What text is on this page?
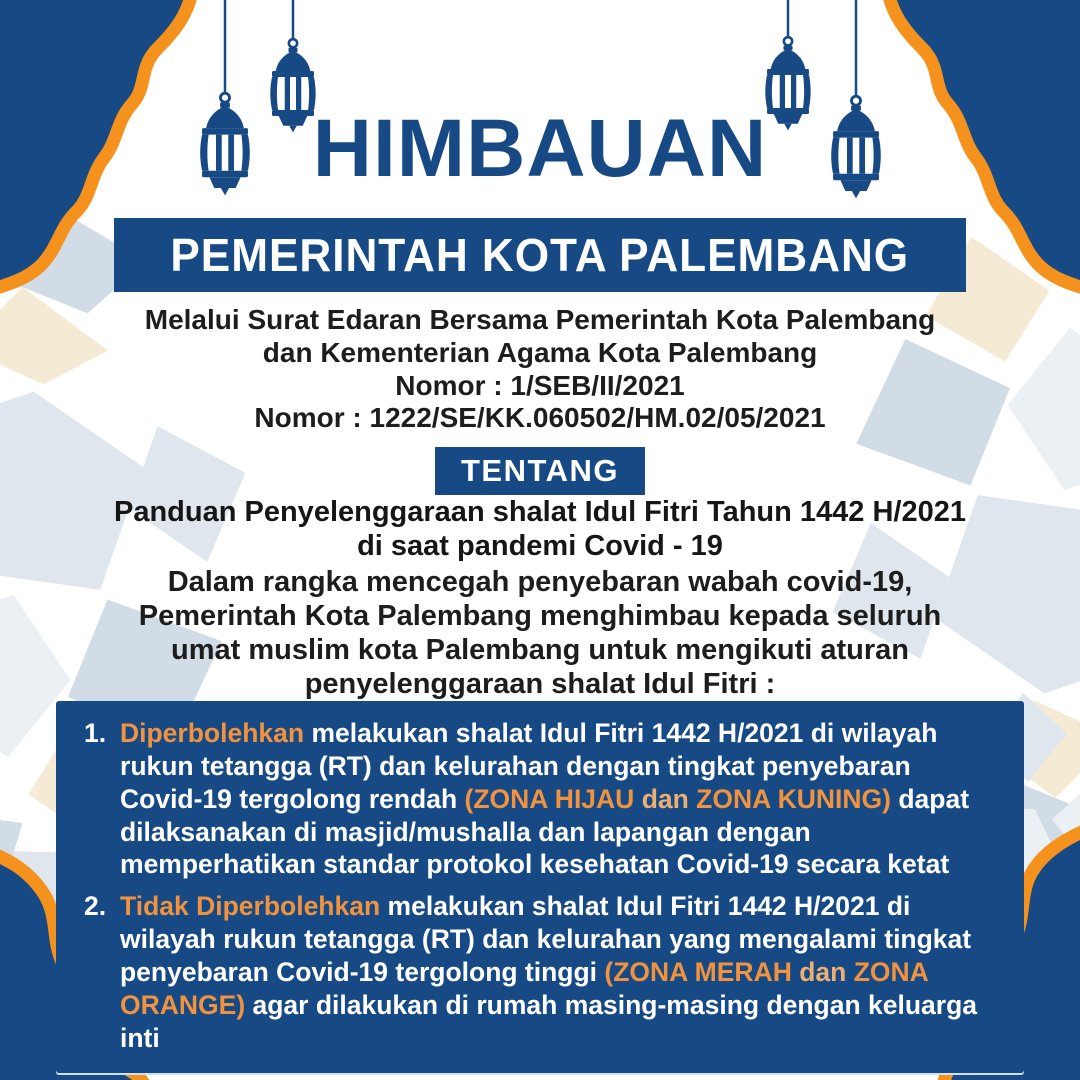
HIMBAUAN
PEMERINTAH KOTA PALEMBANG
Melalui Surat Edaran Bersama Pemerintah Kota Palembang
dan Kementerian Agama Kota Palembang
Nomor : 1/SEB/II/2021
Nomor : 1222/SE/KK.060502/HM.02/05/2021
TENTANG
Panduan Penyelenggaraan shalat Idul Fitri Tahun 1442 H/2021
di saat pandemi Covid - 19
Dalam rangka mencegah penyebaran wabah covid-19, Pemerintah Kota Palembang menghimbau kepada seluruh umat muslim kota Palembang untuk mengikuti aturan penyelenggaraan shalat Idul Fitri :
1. Diperbolehkan melakukan shalat Idul Fitri 1442 H/2021 di wilayah rukun tetangga (RT) dan kelurahan dengan tingkat penyebaran Covid-19 tergolong rendah (ZONA HIJAU dan ZONA KUNING) dapat dilaksanakan di masjid/mushalla dan lapangan dengan memperhatikan standar protokol kesehatan Covid-19 secara ketat
2. Tidak Diperbolehkan melakukan shalat Idul Fitri 1442 H/2021 di wilayah rukun tetangga (RT) dan kelurahan yang mengalami tingkat penyebaran Covid-19 tergolong tinggi (ZONA MERAH dan ZONA ORANGE) agar dilakukan di rumah masing-masing dengan keluarga inti
